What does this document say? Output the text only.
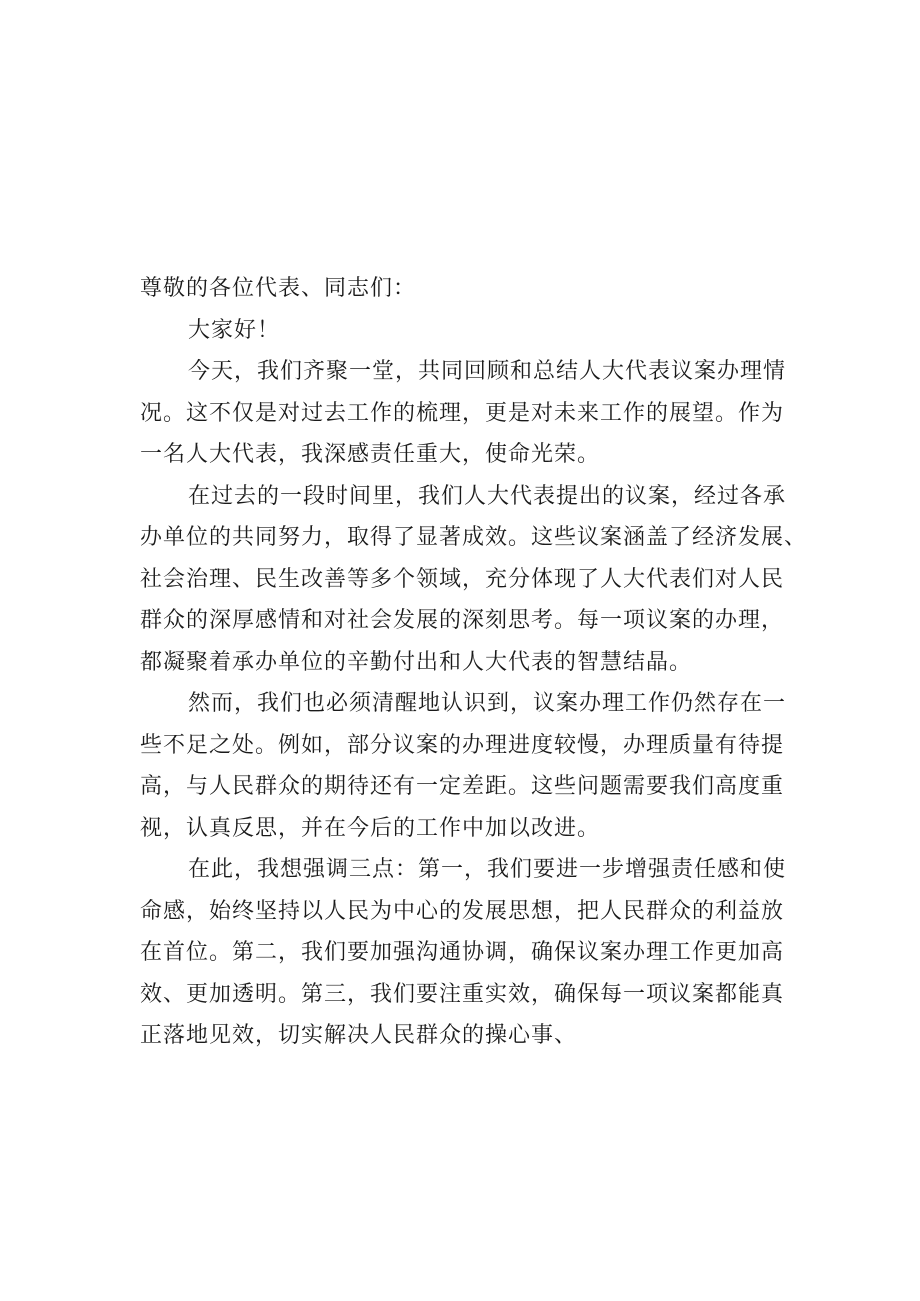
尊敬的各位代表、同志们：
大家好！
今天，我们齐聚一堂，共同回顾和总结人大代表议案办理情
况。这不仅是对过去工作的梳理，更是对未来工作的展望。作为
一名人大代表，我深感责任重大，使命光荣。
在过去的一段时间里，我们人大代表提出的议案，经过各承
办单位的共同努力，取得了显著成效。这些议案涵盖了经济发展、
社会治理、民生改善等多个领域，充分体现了人大代表们对人民
群众的深厚感情和对社会发展的深刻思考。每一项议案的办理，
都凝聚着承办单位的辛勤付出和人大代表的智慧结晶。
然而，我们也必须清醒地认识到，议案办理工作仍然存在一
些不足之处。例如，部分议案的办理进度较慢，办理质量有待提
高，与人民群众的期待还有一定差距。这些问题需要我们高度重
视，认真反思，并在今后的工作中加以改进。
在此，我想强调三点：第一，我们要进一步增强责任感和使
命感，始终坚持以人民为中心的发展思想，把人民群众的利益放
在首位。第二，我们要加强沟通协调，确保议案办理工作更加高
效、更加透明。第三，我们要注重实效，确保每一项议案都能真
正落地见效，切实解决人民群众的操心事、
